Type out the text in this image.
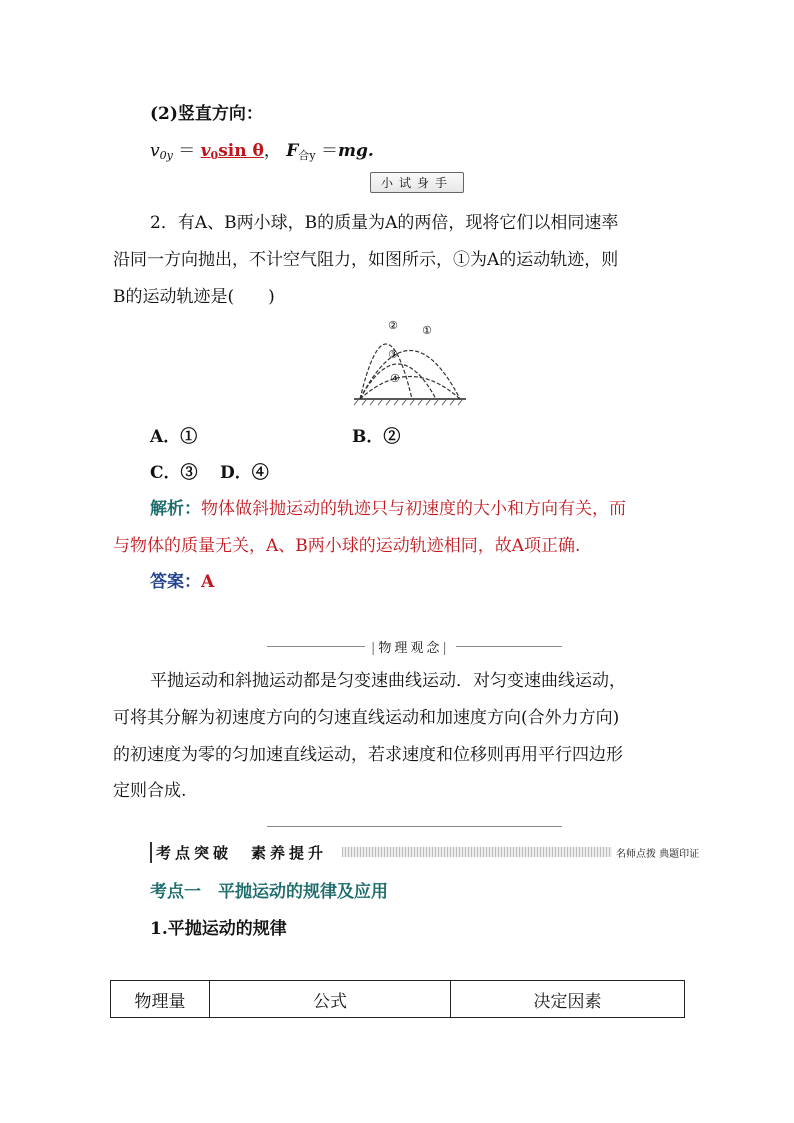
(2)竖直方向：
$v_{0y} = v_0\sin$ θ， $F_{合y} =mg$.
小试身手
2．有A、B两小球，B的质量为A的两倍，现将它们以相同速率
沿同一方向抛出，不计空气阻力，如图所示，①为A的运动轨迹，则
B的运动轨迹是(　　)
② ①
③
④
A．①	B．②
C．③ D．④
解析：物体做斜抛运动的轨迹只与初速度的大小和方向有关，而
与物体的质量无关，A、B两小球的运动轨迹相同，故A项正确.
答案：A
|物理观念|
平抛运动和斜抛运动都是匀变速曲线运动．对匀变速曲线运动，
可将其分解为初速度方向的匀速直线运动和加速度方向(合外力方向)
的初速度为零的匀加速直线运动，若求速度和位移则再用平行四边形
定则合成.
考点突破　素养提升	名师点拨 典题印证
考点一　平抛运动的规律及应用
1.平抛运动的规律
物理量	公式	决定因素
